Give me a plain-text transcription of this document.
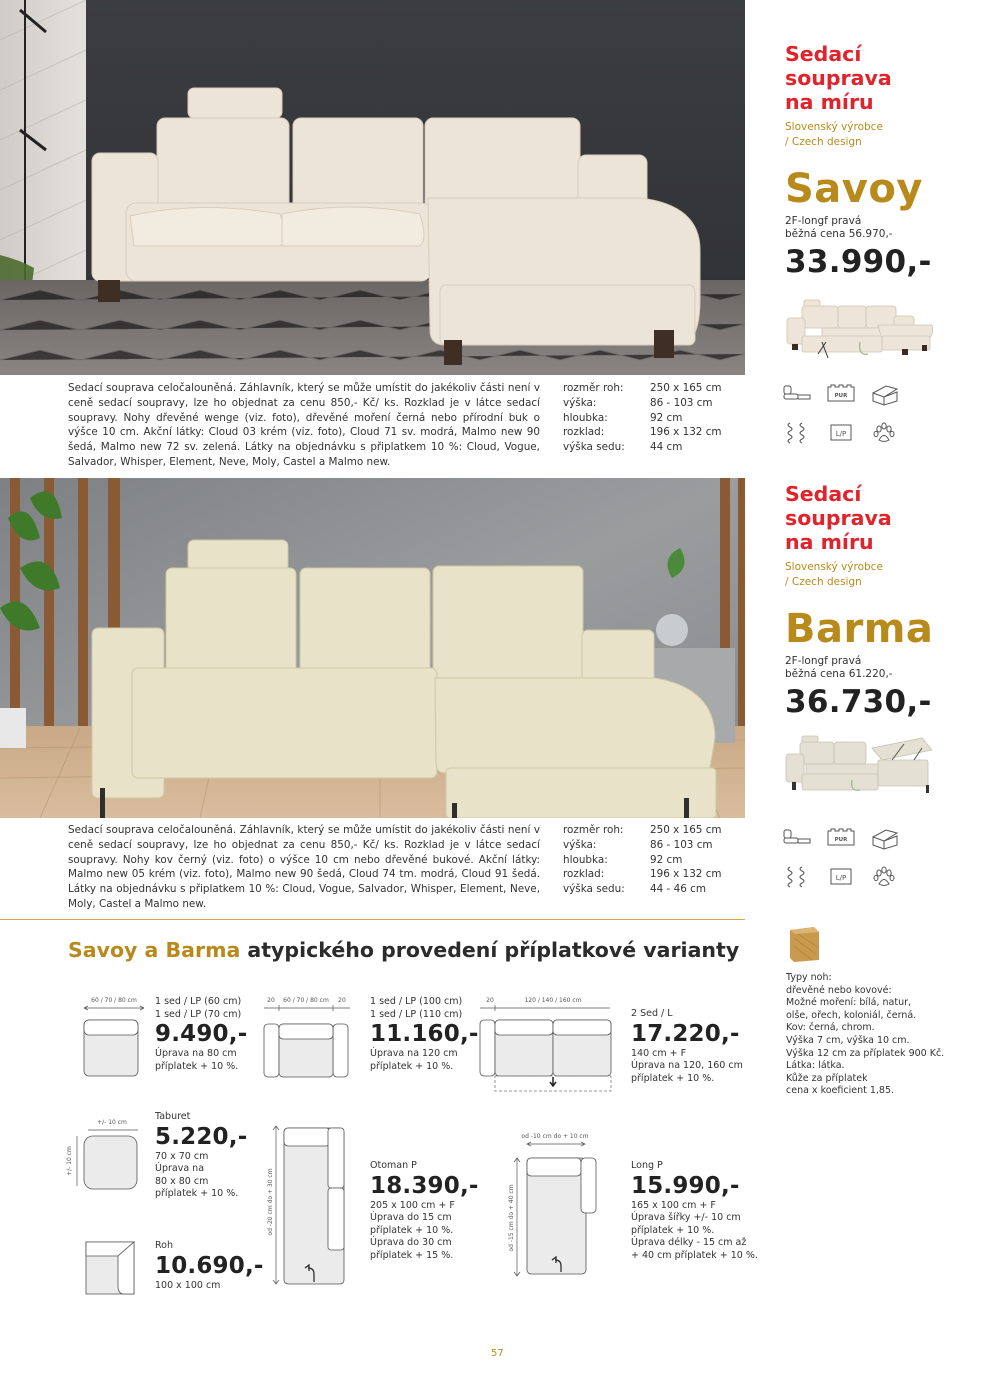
Sedací
souprava
na míru
Slovenský výrobce
/ Czech design
Savoy
2F-longf pravá
běžná cena 56.970,-
33.990,-
PUR
L/P
Sedací souprava celočalouněná. Záhlavník, který se může umístit do jakékoliv části není v ceně sedací soupravy, lze ho objednat za cenu 850,- Kč/ ks. Rozklad je v látce sedací soupravy. Nohy dřevěné wenge (viz. foto), dřevěné moření černá nebo přírodní buk o výšce 10 cm. Akční látky: Cloud 03 krém (viz. foto), Cloud 71 sv. modrá, Malmo new 90 šedá, Malmo new 72 sv. zelená. Látky na objednávku s připlatkem 10 %: Cloud, Vogue, Salvador, Whisper, Element, Neve, Moly, Castel a Malmo new.
rozměr roh:	250 x 165 cm
výška:	86 - 103 cm
hloubka:	92 cm
rozklad:	196 x 132 cm
výška sedu:	44 cm
Sedací
souprava
na míru
Slovenský výrobce
/ Czech design
Barma
2F-longf pravá
běžná cena 61.220,-
36.730,-
PUR
L/P
Sedací souprava celočalouněná. Záhlavník, který se může umístit do jakékoliv části není v ceně sedací soupravy, lze ho objednat za cenu 850,- Kč/ ks. Rozklad je v látce sedací soupravy. Nohy kov černý (viz. foto) o výšce 10 cm nebo dřevěné bukové. Akční látky: Malmo new 05 krém (viz. foto), Malmo new 90 šedá, Cloud 74 tm. modrá, Cloud 91 šedá. Látky na objednávku s připlatkem 10 %: Cloud, Vogue, Salvador, Whisper, Element, Neve, Moly, Castel a Malmo new.
rozměr roh:	250 x 165 cm
výška:	86 - 103 cm
hloubka:	92 cm
rozklad:	196 x 132 cm
výška sedu:	44 - 46 cm
Savoy a Barma atypického provedení příplatkové varianty
Typy noh:
dřevěné nebo kovové:
Možné moření: bílá, natur,
olše, ořech, koloniál, černá.
Kov: černá, chrom.
Výška 7 cm, výška 10 cm.
Výška 12 cm za příplatek 900 Kč.
Látka: látka.
Kůže za příplatek
cena x koeficient 1,85.
60 / 70 / 80 cm 1 sed / LP (60 cm)
1 sed / LP (70 cm)
9.490,-
Úprava na 80 cm
příplatek + 10 %.
20 60 / 70 / 80 cm 20	1 sed / LP (100 cm)
1 sed / LP (110 cm)
11.160,-
Úprava na 120 cm
příplatek + 10 %.
20	120 / 140 / 160 cm
2 Sed / L
17.220,-
140 cm + F
Úprava na 120, 160 cm
příplatek + 10 %.
+/- 10 cm
+/- 10 cm
Taburet
5.220,-
70 x 70 cm
Úprava na
80 x 80 cm
příplatek + 10 %.
Roh
10.690,-
100 x 100 cm
od -20 cm do + 30 cm
Otoman P
18.390,-
205 x 100 cm + F
Úprava do 15 cm
příplatek + 10 %.
Úprava do 30 cm
příplatek + 15 %.
od -10 cm do + 10 cm
od -15 cm do + 40 cm
Long P
15.990,-
165 x 100 cm + F
Úprava šířky +/- 10 cm
příplatek + 10 %.
Úprava délky - 15 cm až
+ 40 cm příplatek + 10 %.
57
